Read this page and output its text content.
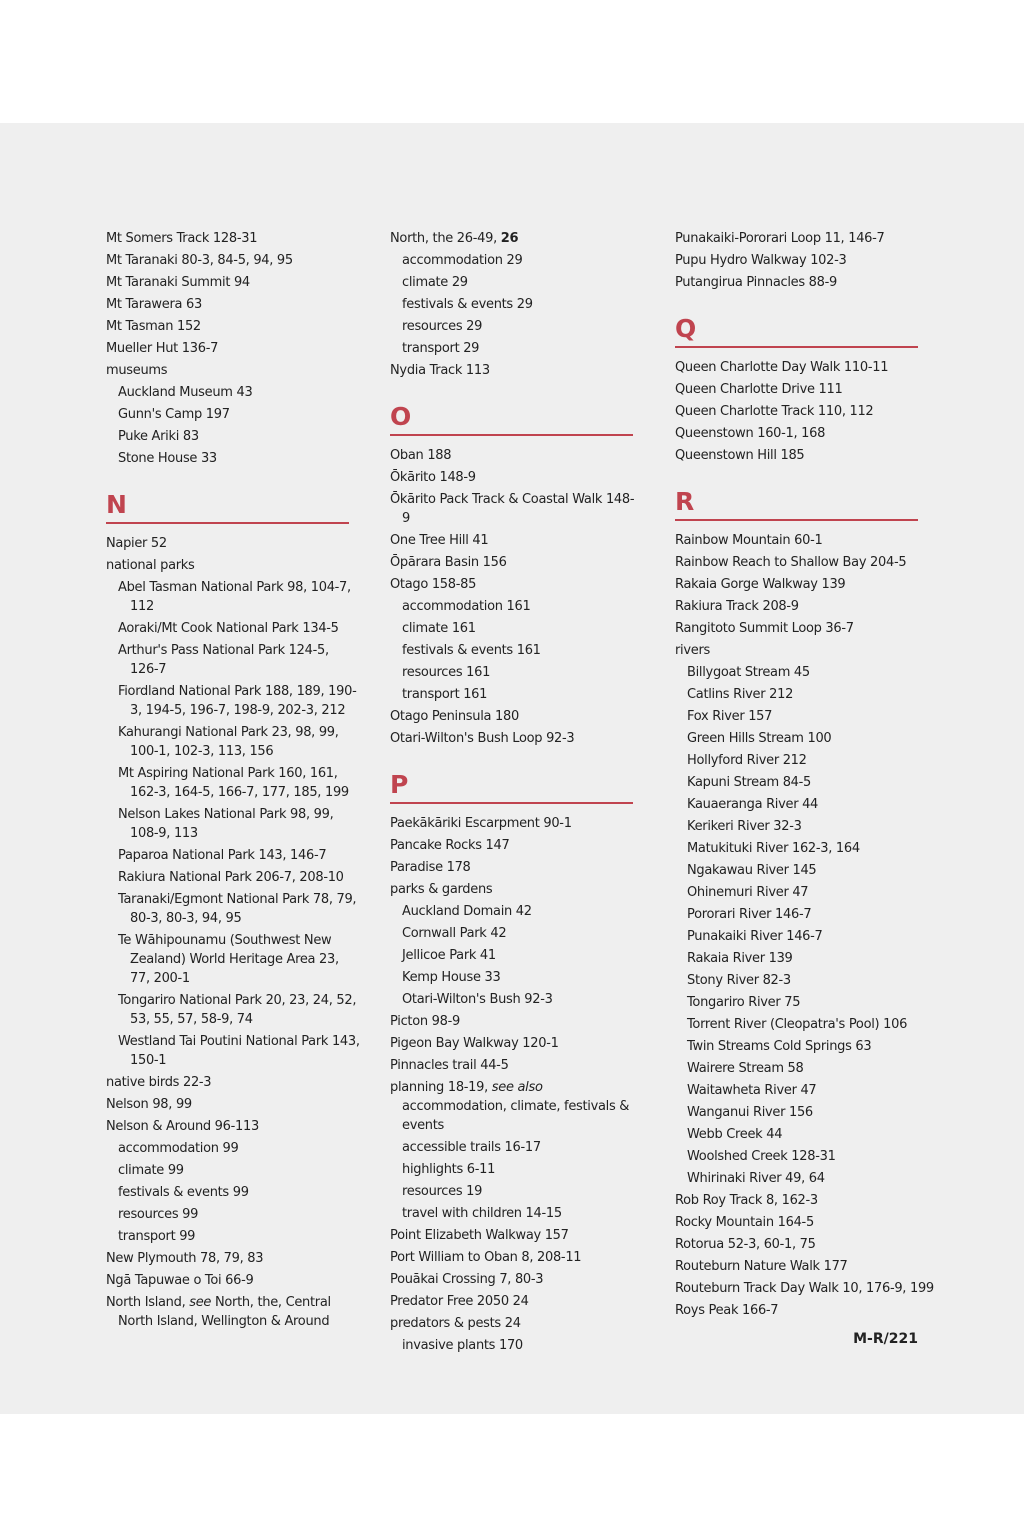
Mt Somers Track 128-31
Mt Taranaki 80-3, 84-5, 94, 95
Mt Taranaki Summit 94
Mt Tarawera 63
Mt Tasman 152
Mueller Hut 136-7
museums
Auckland Museum 43
Gunn's Camp 197
Puke Ariki 83
Stone House 33
N
Napier 52
national parks
Abel Tasman National Park 98, 104-7, 112
Aoraki/Mt Cook National Park 134-5
Arthur's Pass National Park 124-5, 126-7
Fiordland National Park 188, 189, 190-3, 194-5, 196-7, 198-9, 202-3, 212
Kahurangi National Park 23, 98, 99, 100-1, 102-3, 113, 156
Mt Aspiring National Park 160, 161, 162-3, 164-5, 166-7, 177, 185, 199
Nelson Lakes National Park 98, 99, 108-9, 113
Paparoa National Park 143, 146-7
Rakiura National Park 206-7, 208-10
Taranaki/Egmont National Park 78, 79, 80-3, 80-3, 94, 95
Te Wāhipounamu (Southwest New Zealand) World Heritage Area 23, 77, 200-1
Tongariro National Park 20, 23, 24, 52, 53, 55, 57, 58-9, 74
Westland Tai Poutini National Park 143, 150-1
native birds 22-3
Nelson 98, 99
Nelson & Around 96-113
accommodation 99
climate 99
festivals & events 99
resources 99
transport 99
New Plymouth 78, 79, 83
Ngā Tapuwae o Toi 66-9
North Island, see North, the, Central North Island, Wellington & Around
North, the 26-49, 26
accommodation 29
climate 29
festivals & events 29
resources 29
transport 29
Nydia Track 113
O
Oban 188
Ōkārito 148-9
Ōkārito Pack Track & Coastal Walk 148-9
One Tree Hill 41
Ōpārara Basin 156
Otago 158-85
accommodation 161
climate 161
festivals & events 161
resources 161
transport 161
Otago Peninsula 180
Otari-Wilton's Bush Loop 92-3
P
Paekākāriki Escarpment 90-1
Pancake Rocks 147
Paradise 178
parks & gardens
Auckland Domain 42
Cornwall Park 42
Jellicoe Park 41
Kemp House 33
Otari-Wilton's Bush 92-3
Picton 98-9
Pigeon Bay Walkway 120-1
Pinnacles trail 44-5
planning 18-19, see also accommodation, climate, festivals & events
accessible trails 16-17
highlights 6-11
resources 19
travel with children 14-15
Point Elizabeth Walkway 157
Port William to Oban 8, 208-11
Pouākai Crossing 7, 80-3
Predator Free 2050 24
predators & pests 24
invasive plants 170
Punakaiki-Pororari Loop 11, 146-7
Pupu Hydro Walkway 102-3
Putangirua Pinnacles 88-9
Q
Queen Charlotte Day Walk 110-11
Queen Charlotte Drive 111
Queen Charlotte Track 110, 112
Queenstown 160-1, 168
Queenstown Hill 185
R
Rainbow Mountain 60-1
Rainbow Reach to Shallow Bay 204-5
Rakaia Gorge Walkway 139
Rakiura Track 208-9
Rangitoto Summit Loop 36-7
rivers
Billygoat Stream 45
Catlins River 212
Fox River 157
Green Hills Stream 100
Hollyford River 212
Kapuni Stream 84-5
Kauaeranga River 44
Kerikeri River 32-3
Matukituki River 162-3, 164
Ngakawau River 145
Ohinemuri River 47
Pororari River 146-7
Punakaiki River 146-7
Rakaia River 139
Stony River 82-3
Tongariro River 75
Torrent River (Cleopatra's Pool) 106
Twin Streams Cold Springs 63
Wairere Stream 58
Waitawheta River 47
Wanganui River 156
Webb Creek 44
Woolshed Creek 128-31
Whirinaki River 49, 64
Rob Roy Track 8, 162-3
Rocky Mountain 164-5
Rotorua 52-3, 60-1, 75
Routeburn Nature Walk 177
Routeburn Track Day Walk 10, 176-9, 199
Roys Peak 166-7
M-R/221
